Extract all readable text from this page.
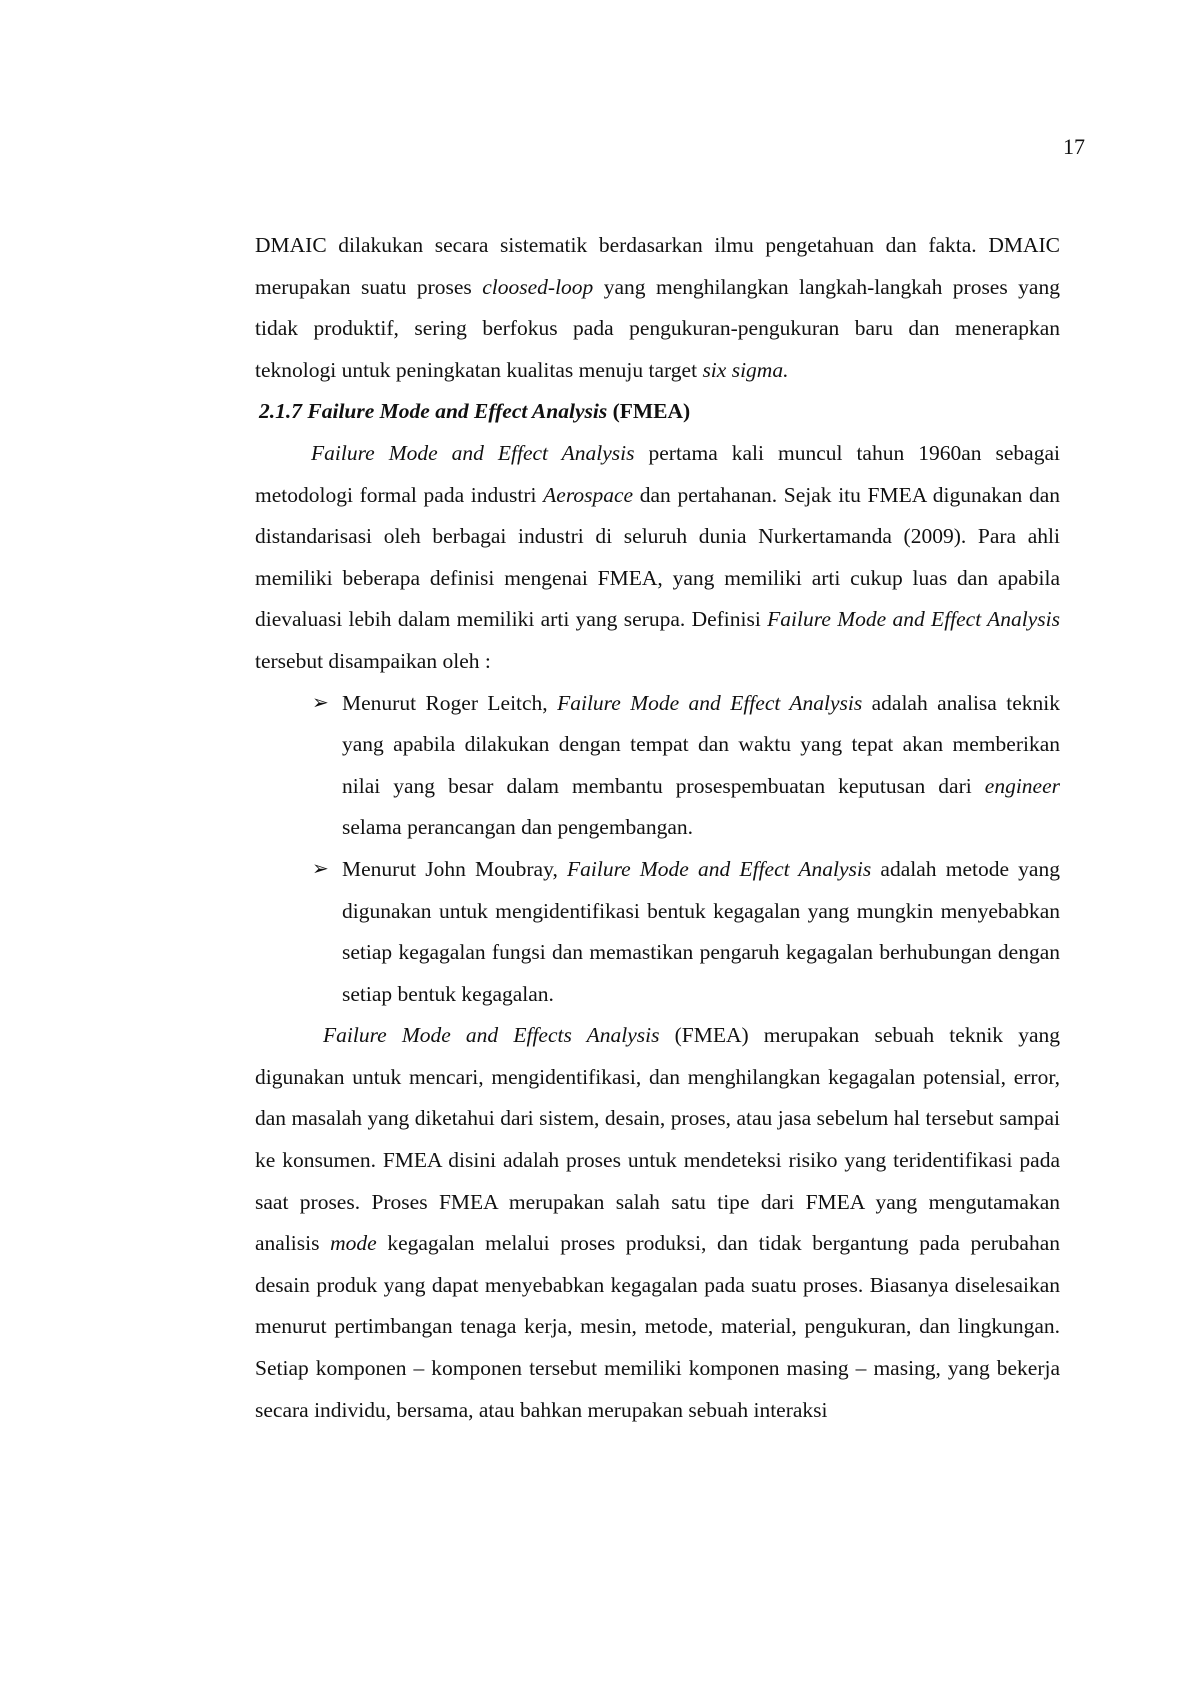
17

DMAIC dilakukan secara sistematik berdasarkan ilmu pengetahuan dan fakta. DMAIC merupakan suatu proses cloosed-loop yang menghilangkan langkah-langkah proses yang tidak produktif, sering berfokus pada pengukuran-pengukuran baru dan menerapkan teknologi untuk peningkatan kualitas menuju target six sigma.

2.1.7 Failure Mode and Effect Analysis (FMEA)

Failure Mode and Effect Analysis pertama kali muncul tahun 1960an sebagai metodologi formal pada industri Aerospace dan pertahanan. Sejak itu FMEA digunakan dan distandarisasi oleh berbagai industri di seluruh dunia Nurkertamanda (2009). Para ahli memiliki beberapa definisi mengenai FMEA, yang memiliki arti cukup luas dan apabila dievaluasi lebih dalam memiliki arti yang serupa. Definisi Failure Mode and Effect Analysis tersebut disampaikan oleh :

➢ Menurut Roger Leitch, Failure Mode and Effect Analysis adalah analisa teknik yang apabila dilakukan dengan tempat dan waktu yang tepat akan memberikan nilai yang besar dalam membantu prosespembuatan keputusan dari engineer selama perancangan dan pengembangan.
➢ Menurut John Moubray, Failure Mode and Effect Analysis adalah metode yang digunakan untuk mengidentifikasi bentuk kegagalan yang mungkin menyebabkan setiap kegagalan fungsi dan memastikan pengaruh kegagalan berhubungan dengan setiap bentuk kegagalan.

Failure Mode and Effects Analysis (FMEA) merupakan sebuah teknik yang digunakan untuk mencari, mengidentifikasi, dan menghilangkan kegagalan potensial, error, dan masalah yang diketahui dari sistem, desain, proses, atau jasa sebelum hal tersebut sampai ke konsumen. FMEA disini adalah proses untuk mendeteksi risiko yang teridentifikasi pada saat proses. Proses FMEA merupakan salah satu tipe dari FMEA yang mengutamakan analisis mode kegagalan melalui proses produksi, dan tidak bergantung pada perubahan desain produk yang dapat menyebabkan kegagalan pada suatu proses. Biasanya diselesaikan menurut pertimbangan tenaga kerja, mesin, metode, material, pengukuran, dan lingkungan. Setiap komponen – komponen tersebut memiliki komponen masing – masing, yang bekerja secara individu, bersama, atau bahkan merupakan sebuah interaksi
